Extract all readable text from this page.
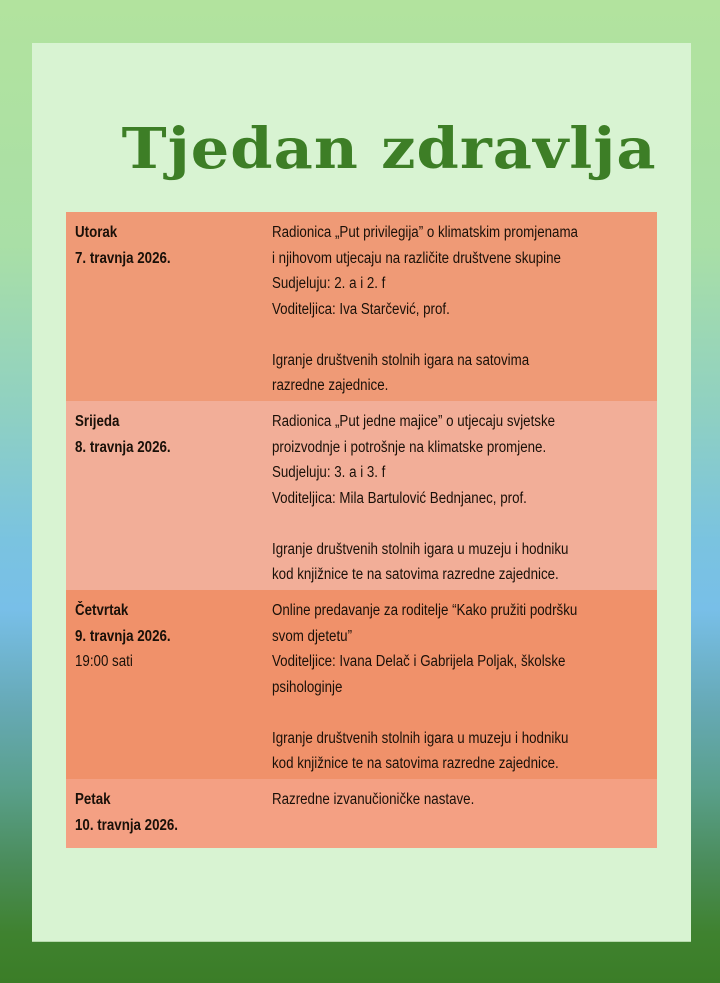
Tjedan zdravlja
Utorak
7. travnja 2026.
Radionica „Put privilegija” o klimatskim promjenama
i njihovom utjecaju na različite društvene skupine
Sudjeluju: 2. a i 2. f
Voditeljica: Iva Starčević, prof.
Igranje društvenih stolnih igara na satovima
razredne zajednice.
Srijeda
8. travnja 2026.
Radionica „Put jedne majice” o utjecaju svjetske
proizvodnje i potrošnje na klimatske promjene.
Sudjeluju: 3. a i 3. f
Voditeljica: Mila Bartulović Bednjanec, prof.
Igranje društvenih stolnih igara u muzeju i hodniku
kod knjižnice te na satovima razredne zajednice.
Četvrtak
9. travnja 2026.
19:00 sati
Online predavanje za roditelje “Kako pružiti podršku
svom djetetu”
Voditeljice: Ivana Delač i Gabrijela Poljak, školske
psihologinje
Igranje društvenih stolnih igara u muzeju i hodniku
kod knjižnice te na satovima razredne zajednice.
Petak
10. travnja 2026.
Razredne izvanučioničke nastave.
